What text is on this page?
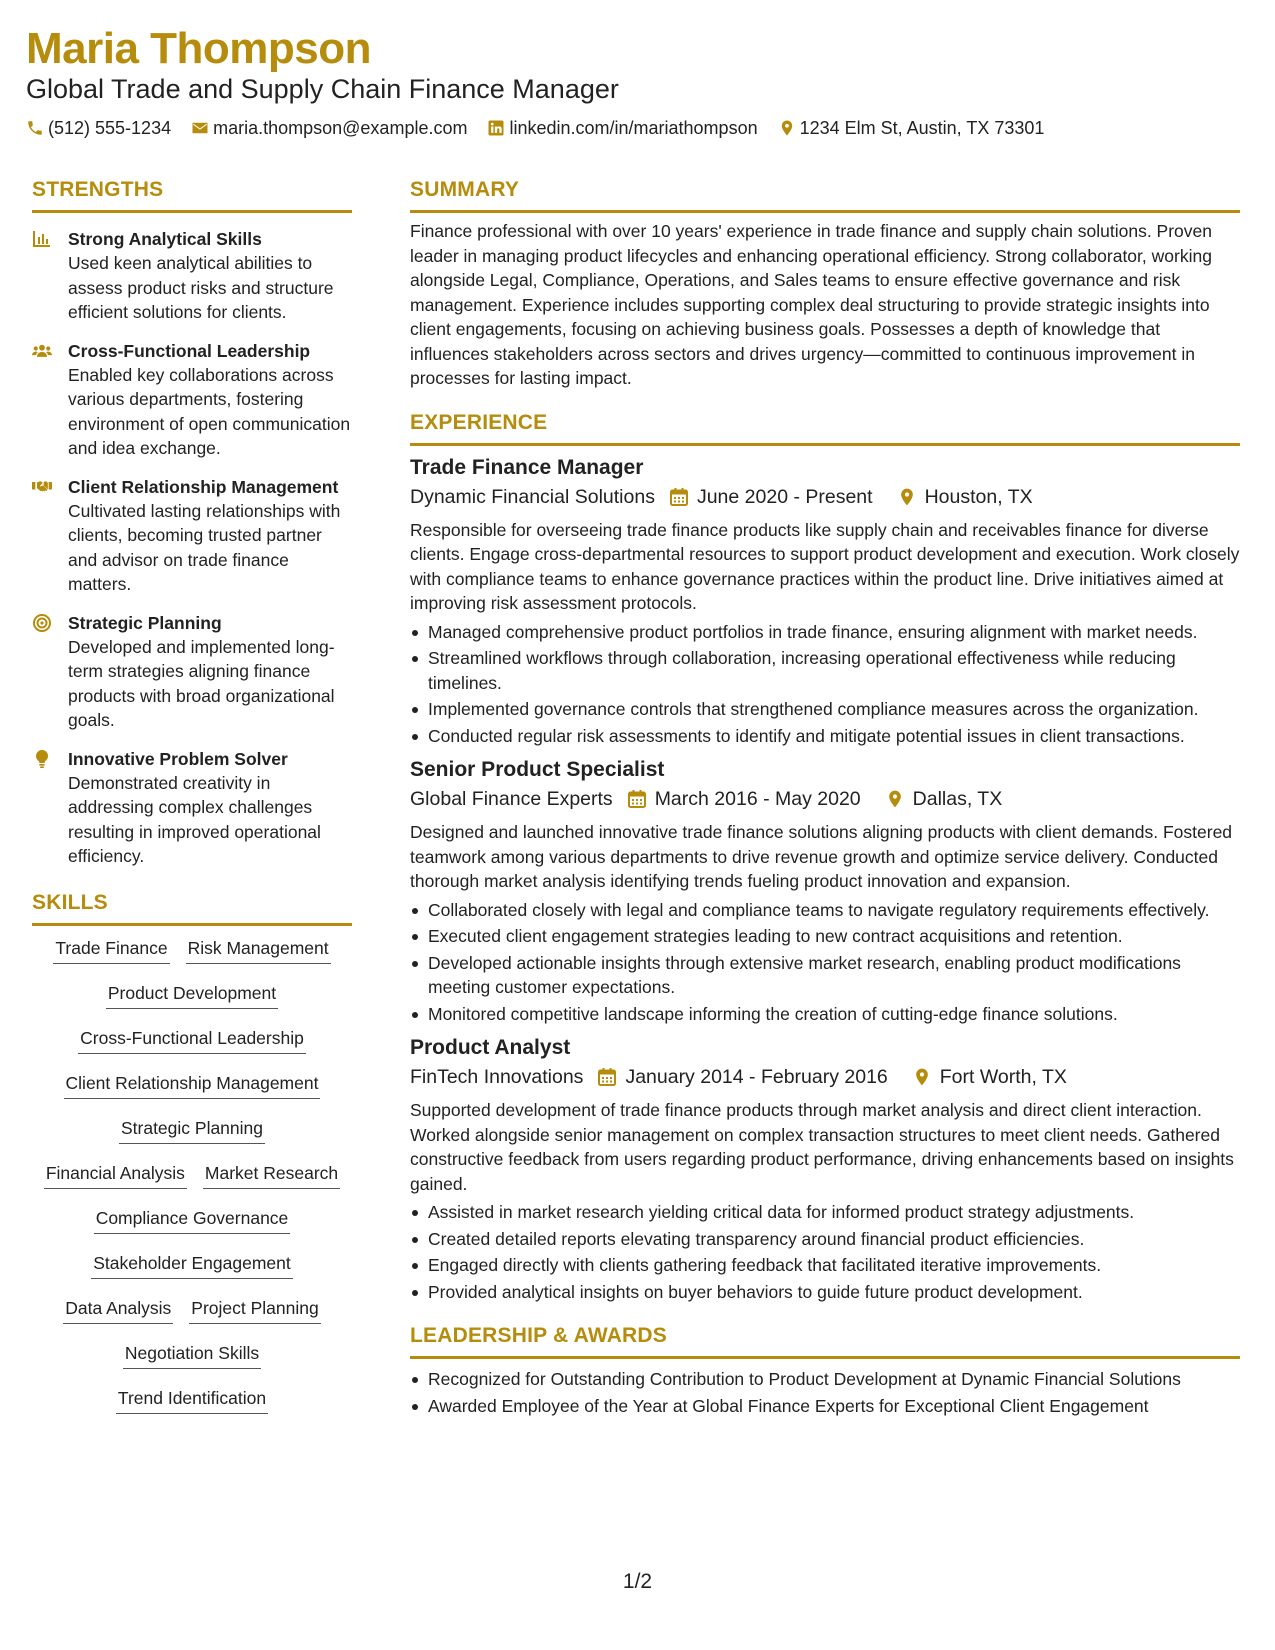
Maria Thompson
Global Trade and Supply Chain Finance Manager
(512) 555-1234 maria.thompson@example.com linkedin.com/in/mariathompson 1234 Elm St, Austin, TX 73301
STRENGTHS
Strong Analytical Skills
Used keen analytical abilities to assess product risks and structure efficient solutions for clients.
Cross-Functional Leadership
Enabled key collaborations across various departments, fostering environment of open communication and idea exchange.
Client Relationship Management
Cultivated lasting relationships with clients, becoming trusted partner and advisor on trade finance matters.
Strategic Planning
Developed and implemented long-term strategies aligning finance products with broad organizational goals.
Innovative Problem Solver
Demonstrated creativity in addressing complex challenges resulting in improved operational efficiency.
SKILLS
Trade Finance Risk Management
Product Development
Cross-Functional Leadership
Client Relationship Management
Strategic Planning
Financial Analysis Market Research
Compliance Governance
Stakeholder Engagement
Data Analysis Project Planning
Negotiation Skills
Trend Identification
SUMMARY
Finance professional with over 10 years' experience in trade finance and supply chain solutions. Proven leader in managing product lifecycles and enhancing operational efficiency. Strong collaborator, working alongside Legal, Compliance, Operations, and Sales teams to ensure effective governance and risk management. Experience includes supporting complex deal structuring to provide strategic insights into client engagements, focusing on achieving business goals. Possesses a depth of knowledge that influences stakeholders across sectors and drives urgency—committed to continuous improvement in processes for lasting impact.
EXPERIENCE
Trade Finance Manager
Dynamic Financial Solutions June 2020 - Present	Houston, TX
Responsible for overseeing trade finance products like supply chain and receivables finance for diverse clients. Engage cross-departmental resources to support product development and execution. Work closely with compliance teams to enhance governance practices within the product line. Drive initiatives aimed at improving risk assessment protocols.
Managed comprehensive product portfolios in trade finance, ensuring alignment with market needs.
Streamlined workflows through collaboration, increasing operational effectiveness while reducing timelines.
Implemented governance controls that strengthened compliance measures across the organization.
Conducted regular risk assessments to identify and mitigate potential issues in client transactions.
Senior Product Specialist
Global Finance Experts March 2016 - May 2020	Dallas, TX
Designed and launched innovative trade finance solutions aligning products with client demands. Fostered teamwork among various departments to drive revenue growth and optimize service delivery. Conducted thorough market analysis identifying trends fueling product innovation and expansion.
Collaborated closely with legal and compliance teams to navigate regulatory requirements effectively.
Executed client engagement strategies leading to new contract acquisitions and retention.
Developed actionable insights through extensive market research, enabling product modifications meeting customer expectations.
Monitored competitive landscape informing the creation of cutting-edge finance solutions.
Product Analyst
FinTech Innovations January 2014 - February 2016	Fort Worth, TX
Supported development of trade finance products through market analysis and direct client interaction. Worked alongside senior management on complex transaction structures to meet client needs. Gathered constructive feedback from users regarding product performance, driving enhancements based on insights gained.
Assisted in market research yielding critical data for informed product strategy adjustments.
Created detailed reports elevating transparency around financial product efficiencies.
Engaged directly with clients gathering feedback that facilitated iterative improvements.
Provided analytical insights on buyer behaviors to guide future product development.
LEADERSHIP & AWARDS
Recognized for Outstanding Contribution to Product Development at Dynamic Financial Solutions
Awarded Employee of the Year at Global Finance Experts for Exceptional Client Engagement
1/2
